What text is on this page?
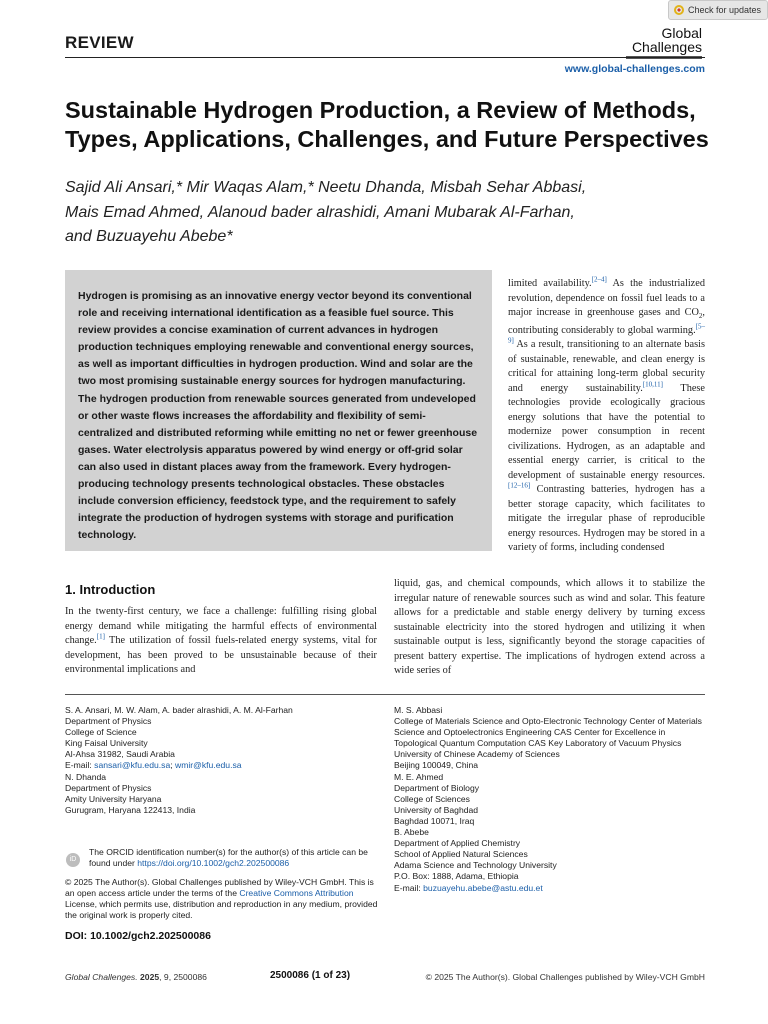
Check for updates
REVIEW	Global
Challenges
www.global-challenges.com
Sustainable Hydrogen Production, a Review of Methods, Types, Applications, Challenges, and Future Perspectives
Sajid Ali Ansari,* Mir Waqas Alam,* Neetu Dhanda, Misbah Sehar Abbasi,
Mais Emad Ahmed, Alanoud bader alrashidi, Amani Mubarak Al-Farhan,
and Buzuayehu Abebe*

Hydrogen is promising as an innovative energy vector beyond its conventional role and receiving international identification as a feasible fuel source. This review provides a concise examination of current advances in hydrogen production techniques employing renewable and conventional energy sources, as well as important difficulties in hydrogen production. Wind and solar are the two most promising sustainable energy sources for hydrogen manufacturing. The hydrogen production from renewable sources generated from undeveloped or other waste flows increases the affordability and flexibility of semi-centralized and distributed reforming while emitting no net or fewer greenhouse gases. Water electrolysis apparatus powered by wind energy or off-grid solar can also used in distant places away from the framework. Every hydrogen-producing technology presents technological obstacles. These obstacles include conversion efficiency, feedstock type, and the requirement to safely integrate the production of hydrogen systems with storage and purification technology.

limited availability.[2–4] As the industrialized revolution, dependence on fossil fuel leads to a major increase in greenhouse gases and $CO_2$, contributing considerably to global warming.[5–9] As a result, transitioning to an alternate basis of sustainable, renewable, and clean energy is critical for attaining long-term global security and energy sustainability.[10,11] These technologies provide ecologically gracious energy solutions that have the potential to modernize power consumption in recent civilizations. Hydrogen, as an adaptable and essential energy carrier, is critical to the development of sustainable energy resources.[12–16] Contrasting batteries, hydrogen has a better storage capacity, which facilitates to mitigate the irregular phase of reproducible energy resources. Hydrogen may be stored in a variety of forms, including condensed

1. Introduction

In the twenty-first century, we face a challenge: fulfilling rising global energy demand while mitigating the harmful effects of environmental change.[1] The utilization of fossil fuels-related energy systems, vital for development, has been proved to be unsustainable because of their environmental implications and

liquid, gas, and chemical compounds, which allows it to stabilize the irregular nature of renewable sources such as wind and solar. This feature allows for a predictable and stable energy delivery by turning excess sustainable electricity into the stored hydrogen and utilizing it when sustainable output is less, significantly beyond the storage capacities of present battery expertise. The implications of hydrogen extend across a wide series of

S. A. Ansari, M. W. Alam, A. bader alrashidi, A. M. Al-Farhan
Department of Physics
College of Science
King Faisal University
Al-Ahsa 31982, Saudi Arabia
E-mail: sansari@kfu.edu.sa; wmir@kfu.edu.sa
N. Dhanda
Department of Physics
Amity University Haryana
Gurugram, Haryana 122413, India
iD
The ORCID identification number(s) for the author(s) of this article can be found under https://doi.org/10.1002/gch2.202500086
© 2025 The Author(s). Global Challenges published by Wiley-VCH GmbH. This is an open access article under the terms of the Creative Commons Attribution License, which permits use, distribution and reproduction in any medium, provided the original work is properly cited.
DOI: 10.1002/gch2.202500086
M. S. Abbasi
College of Materials Science and Opto-Electronic Technology Center of Materials Science and Optoelectronics Engineering CAS Center for Excellence in Topological Quantum Computation CAS Key Laboratory of Vacuum Physics
University of Chinese Academy of Sciences
Beijing 100049, China
M. E. Ahmed
Department of Biology
College of Sciences
University of Baghdad
Baghdad 10071, Iraq
B. Abebe
Department of Applied Chemistry
School of Applied Natural Sciences
Adama Science and Technology University
P.O. Box: 1888, Adama, Ethiopia
E-mail: buzuayehu.abebe@astu.edu.et
Global Challenges. 2025, 9, 2500086	2500086 (1 of 23)	© 2025 The Author(s). Global Challenges published by Wiley-VCH GmbH
